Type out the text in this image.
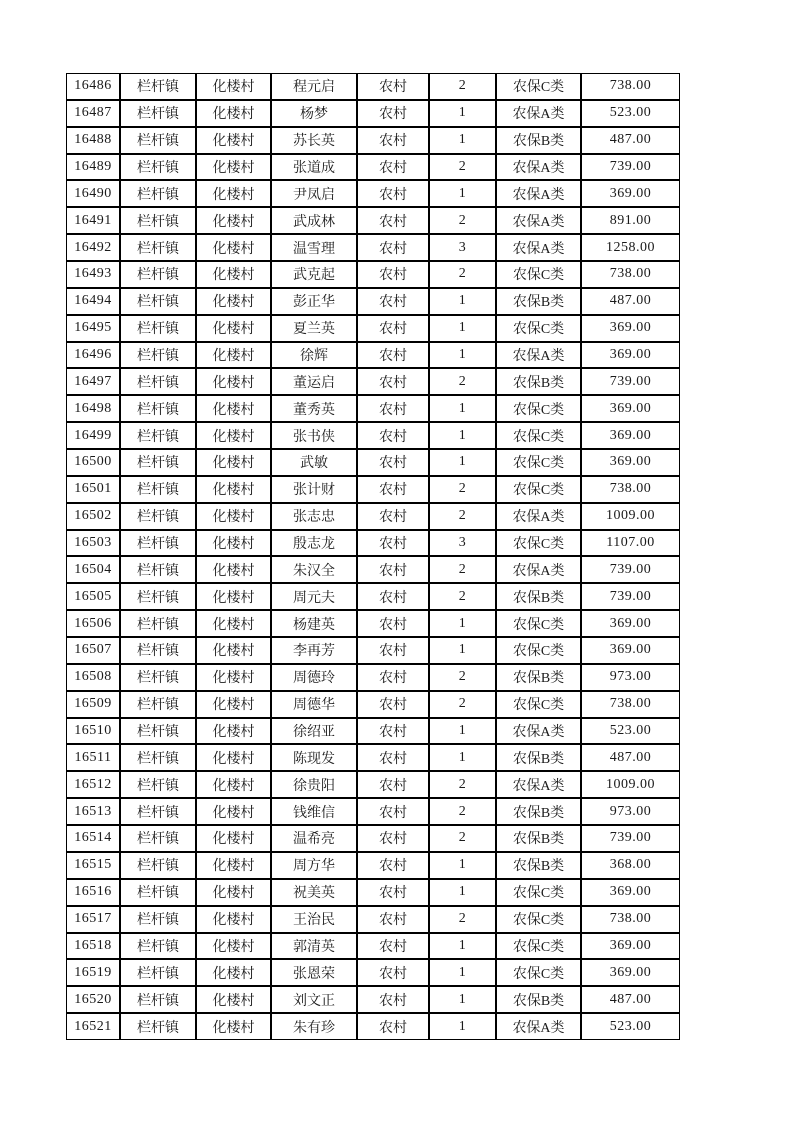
16486	栏杆镇	化楼村	程元启	农村	2	农保C类	738.00
16487	栏杆镇	化楼村	杨梦	农村	1	农保A类	523.00
16488	栏杆镇	化楼村	苏长英	农村	1	农保B类	487.00
16489	栏杆镇	化楼村	张道成	农村	2	农保A类	739.00
16490	栏杆镇	化楼村	尹凤启	农村	1	农保A类	369.00
16491	栏杆镇	化楼村	武成林	农村	2	农保A类	891.00
16492	栏杆镇	化楼村	温雪理	农村	3	农保A类	1258.00
16493	栏杆镇	化楼村	武克起	农村	2	农保C类	738.00
16494	栏杆镇	化楼村	彭正华	农村	1	农保B类	487.00
16495	栏杆镇	化楼村	夏兰英	农村	1	农保C类	369.00
16496	栏杆镇	化楼村	徐辉	农村	1	农保A类	369.00
16497	栏杆镇	化楼村	董运启	农村	2	农保B类	739.00
16498	栏杆镇	化楼村	董秀英	农村	1	农保C类	369.00
16499	栏杆镇	化楼村	张书侠	农村	1	农保C类	369.00
16500	栏杆镇	化楼村	武敏	农村	1	农保C类	369.00
16501	栏杆镇	化楼村	张计财	农村	2	农保C类	738.00
16502	栏杆镇	化楼村	张志忠	农村	2	农保A类	1009.00
16503	栏杆镇	化楼村	殷志龙	农村	3	农保C类	1107.00
16504	栏杆镇	化楼村	朱汉全	农村	2	农保A类	739.00
16505	栏杆镇	化楼村	周元夫	农村	2	农保B类	739.00
16506	栏杆镇	化楼村	杨建英	农村	1	农保C类	369.00
16507	栏杆镇	化楼村	李再芳	农村	1	农保C类	369.00
16508	栏杆镇	化楼村	周德玲	农村	2	农保B类	973.00
16509	栏杆镇	化楼村	周德华	农村	2	农保C类	738.00
16510	栏杆镇	化楼村	徐绍亚	农村	1	农保A类	523.00
16511	栏杆镇	化楼村	陈现发	农村	1	农保B类	487.00
16512	栏杆镇	化楼村	徐贵阳	农村	2	农保A类	1009.00
16513	栏杆镇	化楼村	钱维信	农村	2	农保B类	973.00
16514	栏杆镇	化楼村	温希亮	农村	2	农保B类	739.00
16515	栏杆镇	化楼村	周方华	农村	1	农保B类	368.00
16516	栏杆镇	化楼村	祝美英	农村	1	农保C类	369.00
16517	栏杆镇	化楼村	王治民	农村	2	农保C类	738.00
16518	栏杆镇	化楼村	郭清英	农村	1	农保C类	369.00
16519	栏杆镇	化楼村	张恩荣	农村	1	农保C类	369.00
16520	栏杆镇	化楼村	刘文正	农村	1	农保B类	487.00
16521	栏杆镇	化楼村	朱有珍	农村	1	农保A类	523.00
